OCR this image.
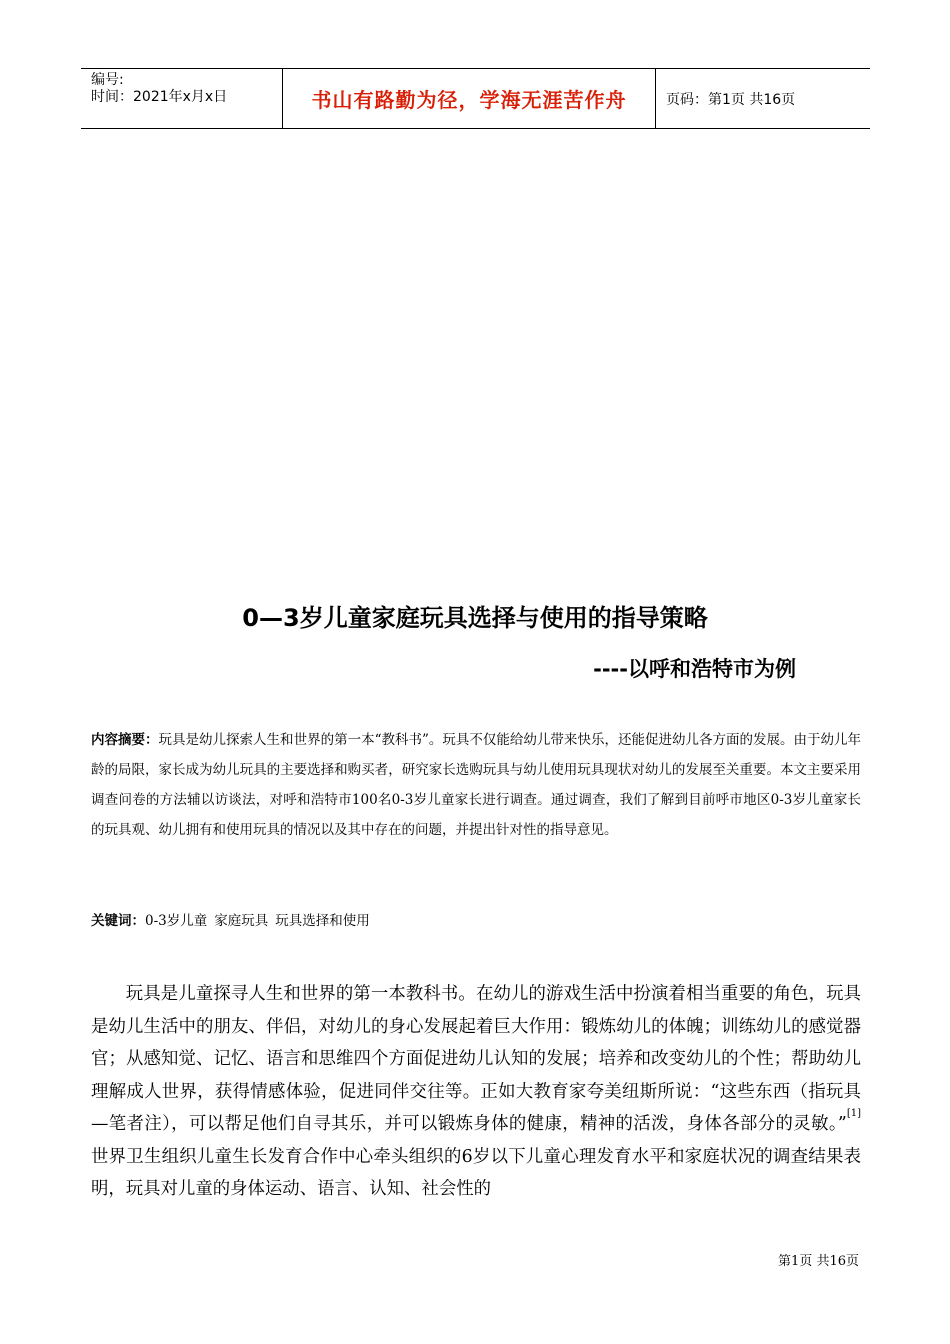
编号:
时间：2021年x月x日	书山有路勤为径，学海无涯苦作舟	页码：第1页 共16页
0—3岁儿童家庭玩具选择与使用的指导策略
----以呼和浩特市为例

内容摘要：玩具是幼儿探索人生和世界的第一本“教科书”。玩具不仅能给幼儿带来快乐，还能促进幼儿各方面的发展。由于幼儿年龄的局限，家长成为幼儿玩具的主要选择和购买者，研究家长选购玩具与幼儿使用玩具现状对幼儿的发展至关重要。本文主要采用调查问卷的方法辅以访谈法，对呼和浩特市100名0-3岁儿童家长进行调查。通过调查，我们了解到目前呼市地区0-3岁儿童家长的玩具观、幼儿拥有和使用玩具的情况以及其中存在的问题，并提出针对性的指导意见。

关键词：0-3岁儿童 家庭玩具 玩具选择和使用

玩具是儿童探寻人生和世界的第一本教科书。在幼儿的游戏生活中扮演着相当重要的角色，玩具是幼儿生活中的朋友、伴侣，对幼儿的身心发展起着巨大作用：锻炼幼儿的体魄；训练幼儿的感觉器官；从感知觉、记忆、语言和思维四个方面促进幼儿认知的发展；培养和改变幼儿的个性；帮助幼儿理解成人世界，获得情感体验，促进同伴交往等。正如大教育家夸美纽斯所说：“这些东西（指玩具—笔者注），可以帮足他们自寻其乐，并可以锻炼身体的健康，精神的活泼，身体各部分的灵敏。”[1]世界卫生组织儿童生长发育合作中心牵头组织的6岁以下儿童心理发育水平和家庭状况的调查结果表明，玩具对儿童的身体运动、语言、认知、社会性的

第1页 共16页
